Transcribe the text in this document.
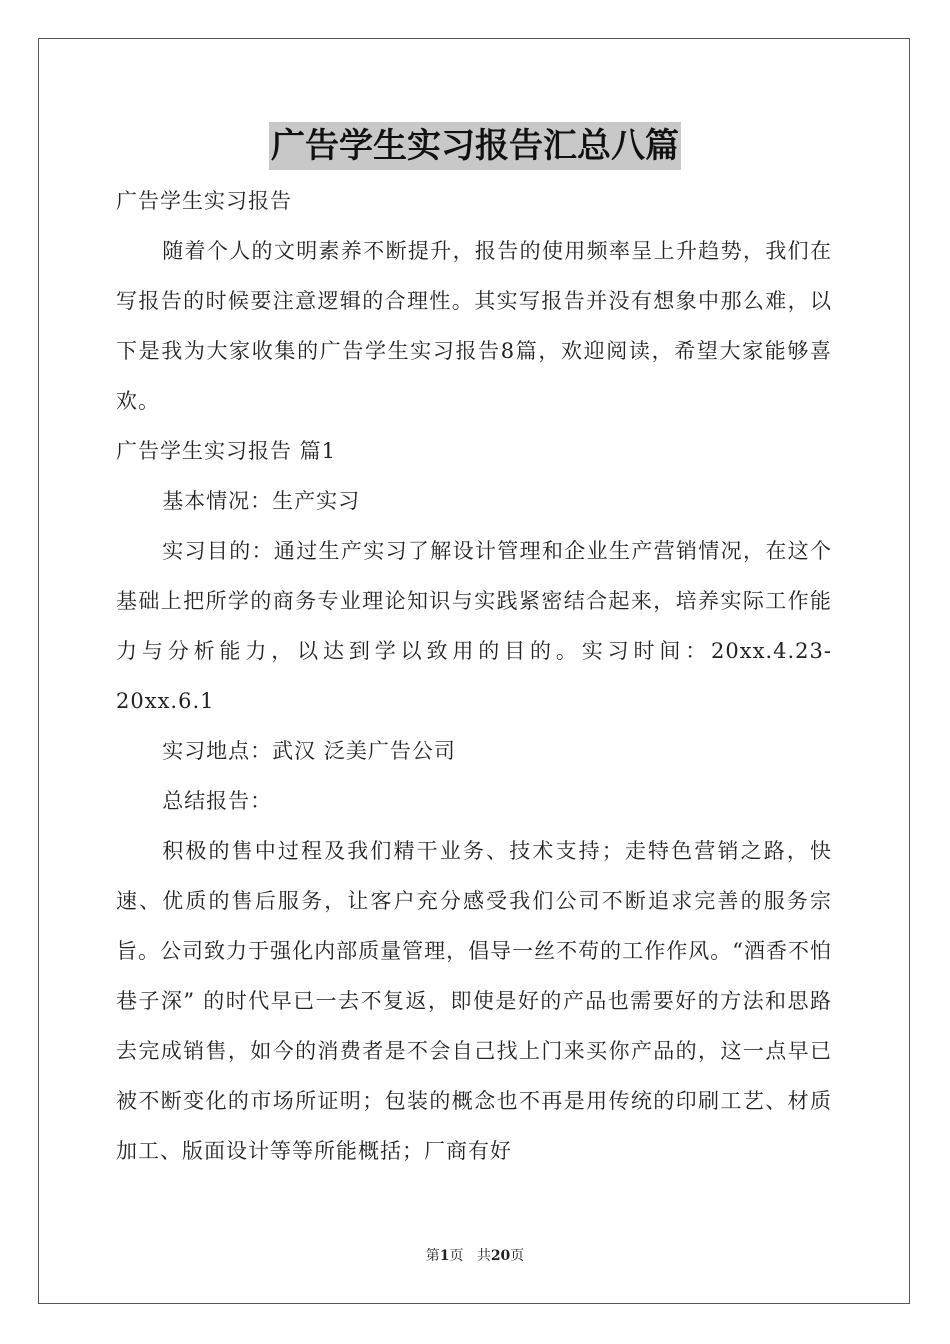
广告学生实习报告汇总八篇

广告学生实习报告

随着个人的文明素养不断提升，报告的使用频率呈上升趋势，我们在写报告的时候要注意逻辑的合理性。其实写报告并没有想象中那么难，以下是我为大家收集的广告学生实习报告8篇，欢迎阅读，希望大家能够喜欢。

广告学生实习报告 篇1

基本情况：生产实习

实习目的：通过生产实习了解设计管理和企业生产营销情况，在这个基础上把所学的商务专业理论知识与实践紧密结合起来，培养实际工作能力与分析能力，以达到学以致用的目的。实习时间：20xx.4.23-20xx.6.1

实习地点：武汉 泛美广告公司

总结报告：

积极的售中过程及我们精干业务、技术支持；走特色营销之路，快速、优质的售后服务，让客户充分感受我们公司不断追求完善的服务宗旨。公司致力于强化内部质量管理，倡导一丝不苟的工作作风。“酒香不怕巷子深” 的时代早已一去不复返，即使是好的产品也需要好的方法和思路去完成销售，如今的消费者是不会自己找上门来买你产品的，这一点早已被不断变化的市场所证明；包装的概念也不再是用传统的印刷工艺、材质加工、版面设计等等所能概括；厂商有好

第1页 共20页
